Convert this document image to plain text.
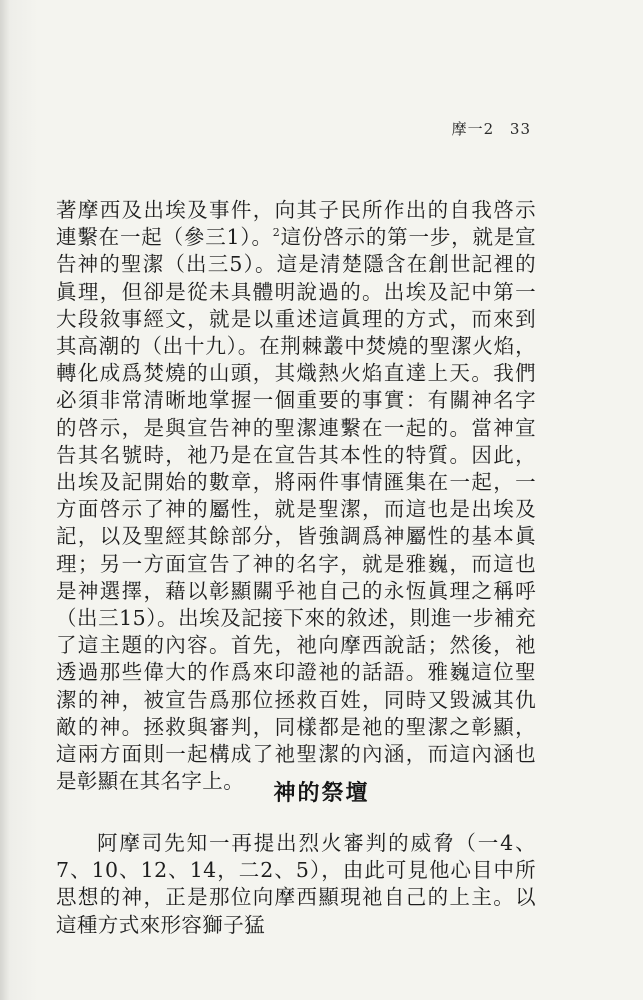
摩一2 33

著摩西及出埃及事件，向其子民所作出的自我啓示連繫在一起（參三1）。$^2$這份啓示的第一步，就是宣告神的聖潔（出三5）。這是清楚隱含在創世記裡的眞理，但卻是從未具體明說過的。出埃及記中第一大段敘事經文，就是以重述這眞理的方式，而來到其高潮的（出十九）。在荆棘叢中焚燒的聖潔火焰，轉化成爲焚燒的山頭，其熾熱火焰直達上天。我們必須非常清晰地掌握一個重要的事實：有關神名字的啓示，是與宣告神的聖潔連繫在一起的。當神宣告其名號時，祂乃是在宣告其本性的特質。因此，出埃及記開始的數章，將兩件事情匯集在一起，一方面啓示了神的屬性，就是聖潔，而這也是出埃及記，以及聖經其餘部分，皆強調爲神屬性的基本眞理；另一方面宣告了神的名字，就是雅巍，而這也是神選擇，藉以彰顯關乎祂自己的永恆眞理之稱呼（出三15）。出埃及記接下來的敘述，則進一步補充了這主題的內容。首先，祂向摩西說話；然後，祂透過那些偉大的作爲來印證祂的話語。雅巍這位聖潔的神，被宣告爲那位拯救百姓，同時又毀滅其仇敵的神。拯救與審判，同樣都是祂的聖潔之彰顯，這兩方面則一起構成了祂聖潔的內涵，而這內涵也是彰顯在其名字上。	神的祭壇

阿摩司先知一再提出烈火審判的威脅（一4、7、10、12、14，二2、5），由此可見他心目中所思想的神，正是那位向摩西顯現祂自己的上主。以這種方式來形容獅子猛
